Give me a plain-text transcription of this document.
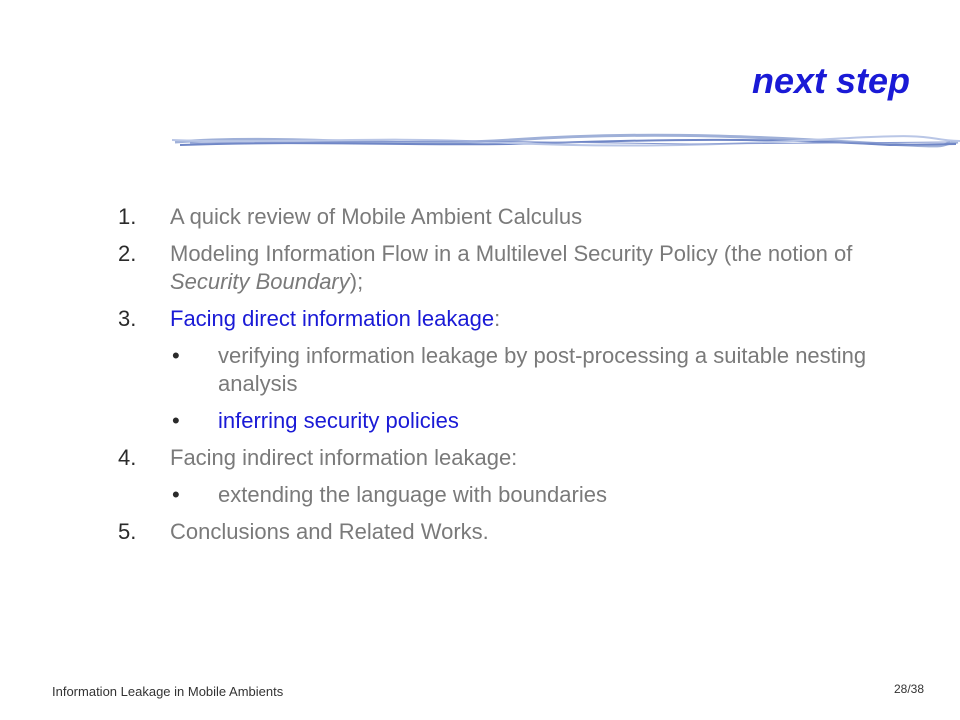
next step
1.	A quick review of Mobile Ambient Calculus
2.	Modeling Information Flow in a Multilevel Security Policy (the notion of Security Boundary);
3.	Facing direct information leakage:
•	verifying information leakage by post-processing a suitable nesting analysis
•	inferring security policies
4.	Facing indirect information leakage:
•	extending the language with boundaries
5.	Conclusions and Related Works.
Information Leakage in Mobile Ambients	28/38
